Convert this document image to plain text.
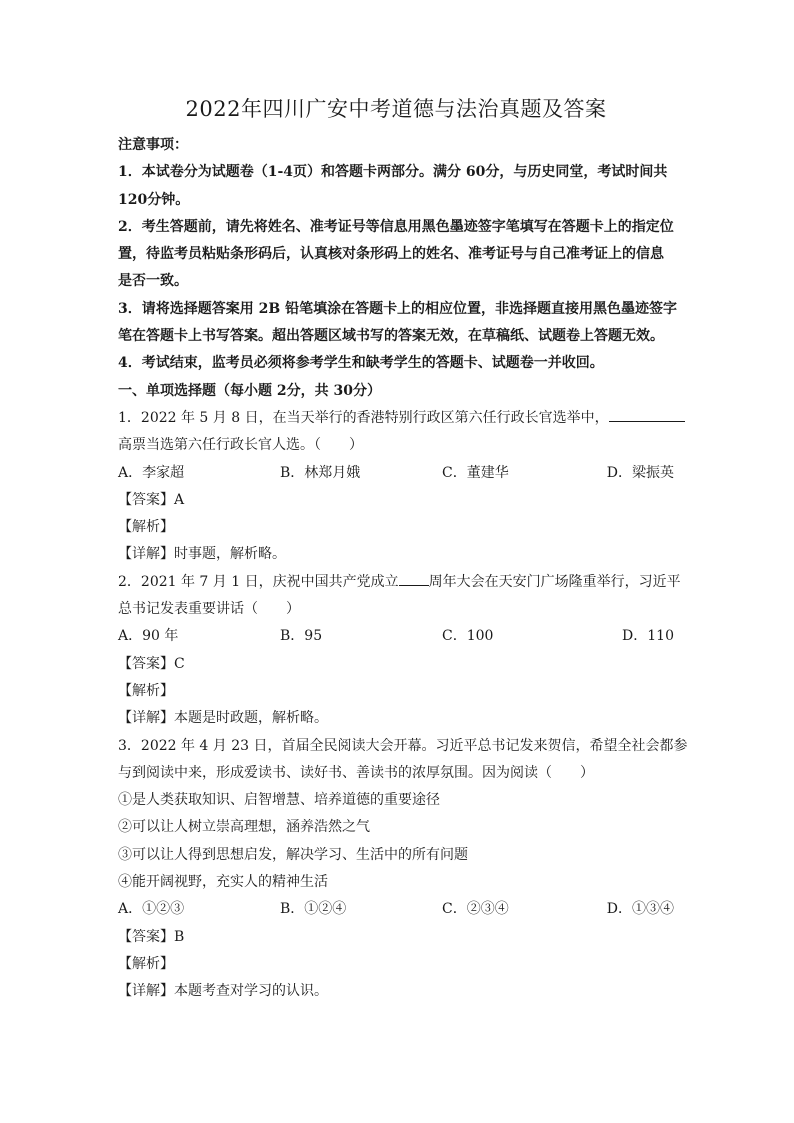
2022年四川广安中考道德与法治真题及答案

注意事项：

1．本试卷分为试题卷（1-4页）和答题卡两部分。满分 60分，与历史同堂，考试时间共

120分钟。

2．考生答题前，请先将姓名、准考证号等信息用黑色墨迹签字笔填写在答题卡上的指定位

置，待监考员粘贴条形码后，认真核对条形码上的姓名、准考证号与自己准考证上的信息

是否一致。

3．请将选择题答案用 2B 铅笔填涂在答题卡上的相应位置，非选择题直接用黑色墨迹签字

笔在答题卡上书写答案。超出答题区域书写的答案无效，在草稿纸、试题卷上答题无效。

4．考试结束，监考员必须将参考学生和缺考学生的答题卡、试题卷一并收回。

一、单项选择题（每小题 2分，共 30分）

1．2022 年 5 月 8 日，在当天举行的香港特别行政区第六任行政长官选举中，

高票当选第六任行政长官人选。（　　）

A．李家超	B．林郑月娥	C．董建华	D．梁振英

【答案】A

【解析】

【详解】时事题，解析略。

2．2021 年 7 月 1 日，庆祝中国共产党成立 周年大会在天安门广场隆重举行，习近平

总书记发表重要讲话（　　）

A．90 年	B．95	C．100	D．110

【答案】C

【解析】

【详解】本题是时政题，解析略。

3．2022 年 4 月 23 日，首届全民阅读大会开幕。习近平总书记发来贺信，希望全社会都参

与到阅读中来，形成爱读书、读好书、善读书的浓厚氛围。因为阅读（　　）

①是人类获取知识、启智增慧、培养道德的重要途径

②可以让人树立崇高理想，涵养浩然之气

③可以让人得到思想启发，解决学习、生活中的所有问题

④能开阔视野，充实人的精神生活

A．①②③	B．①②④	C．②③④	D．①③④

【答案】B

【解析】

【详解】本题考查对学习的认识。
